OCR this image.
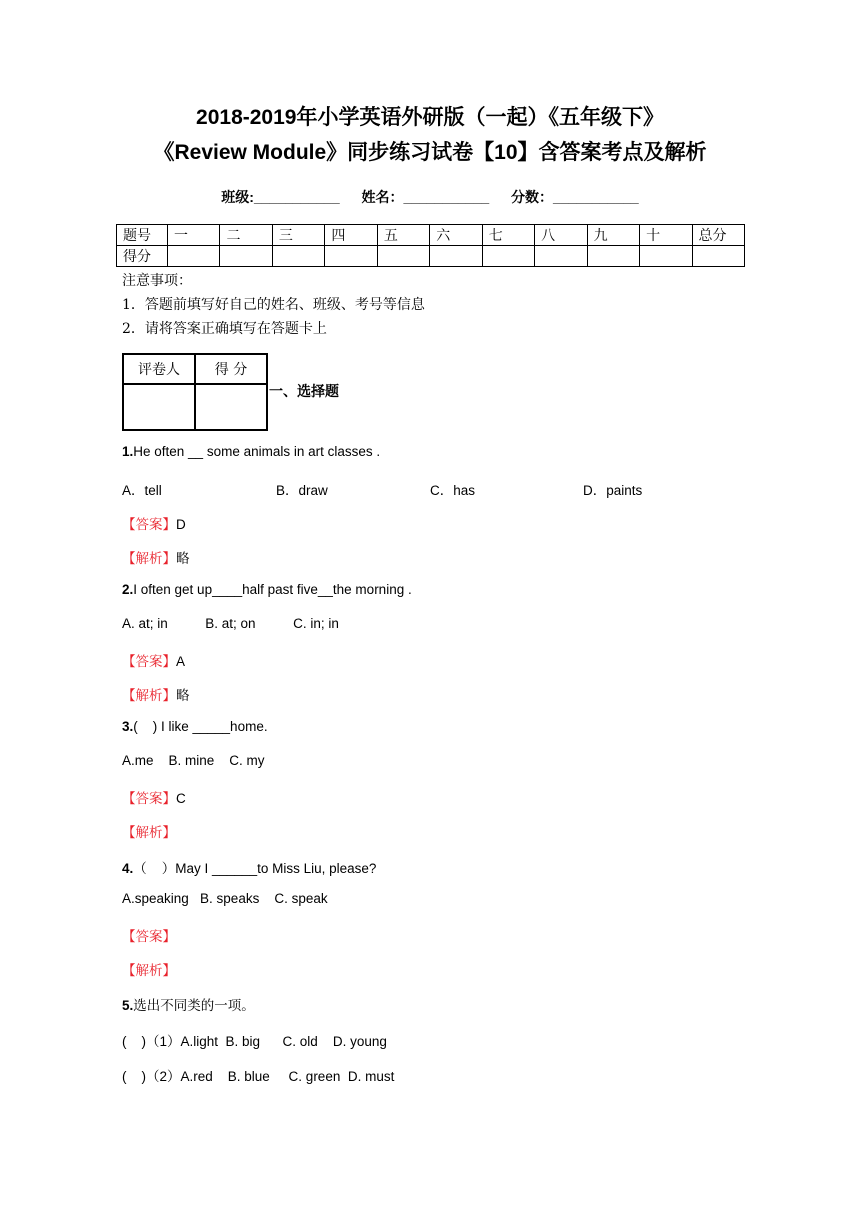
2018-2019年小学英语外研版（一起）《五年级下》
《Review Module》同步练习试卷【10】含答案考点及解析
班级:___________ 姓名：___________ 分数：___________
题号	一	二	三	四	五	六	七	八	九	十	总分
得分											
注意事项：
1．答题前填写好自己的姓名、班级、考号等信息
2．请将答案正确填写在答题卡上
评卷人	得 分

一、选择题
1.He often __ some animals in art classes .
A．tell	B．draw	C．has	D．paints
【答案】D
【解析】略
2.I often get up____half past five__the morning .
A. at; in          B. at; on          C. in; in
【答案】A
【解析】略
3.(    ) I like _____home.
A.me    B. mine    C. my
【答案】C
【解析】
4.（    ）May I ______to Miss Liu, please?
A.speaking   B. speaks    C. speak
【答案】
【解析】
5.选出不同类的一项。
(    )（1）A.light  B. big      C. old    D. young
(    )（2）A.red    B. blue     C. green  D. must
